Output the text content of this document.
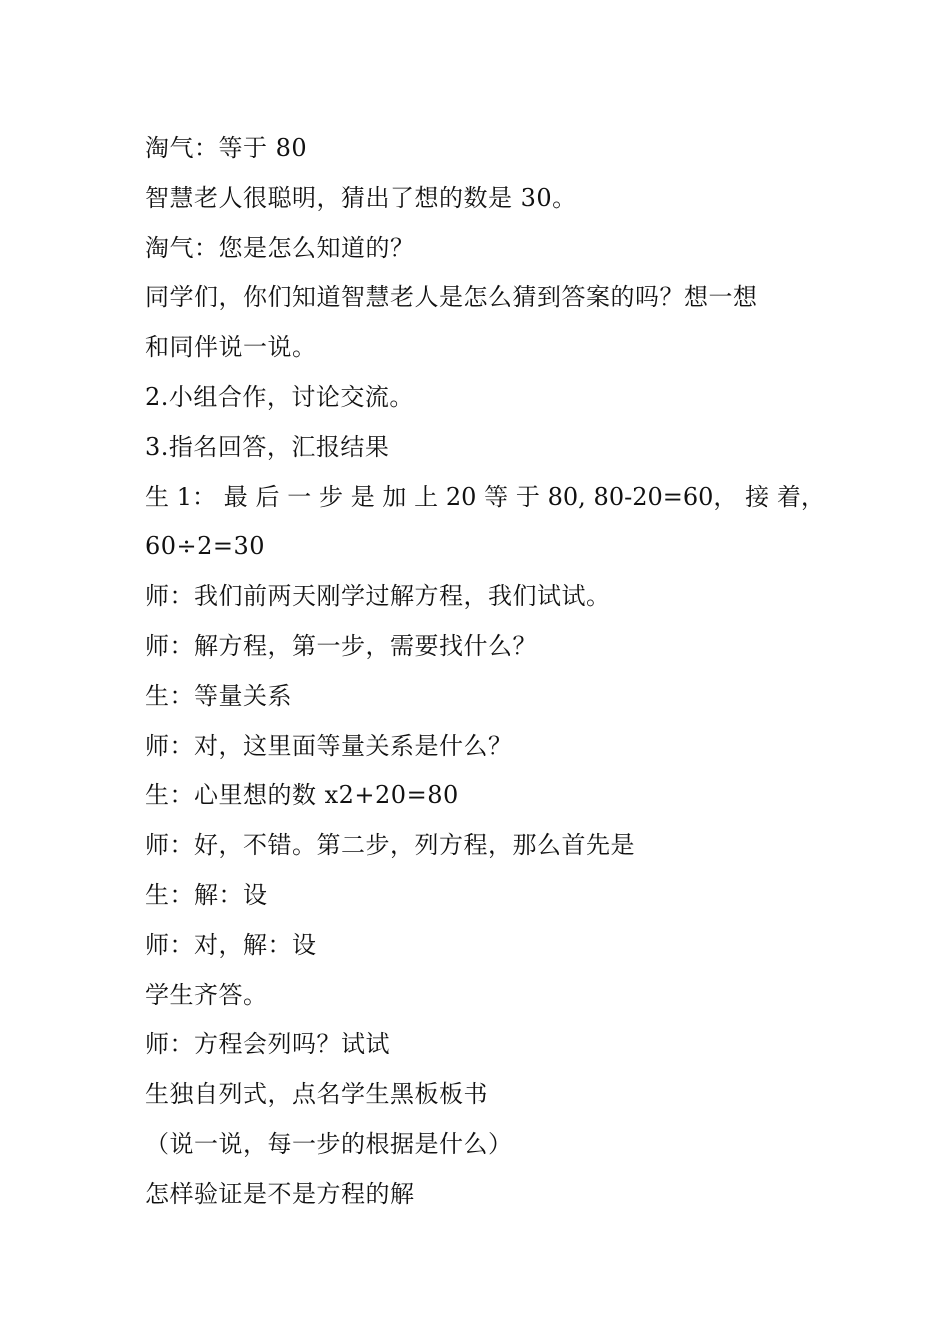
淘气：等于 80
智慧老人很聪明，猜出了想的数是 30。
淘气：您是怎么知道的？
同学们，你们知道智慧老人是怎么猜到答案的吗？想一想
和同伴说一说。
2.小组合作，讨论交流。
3.指名回答，汇报结果
生 1： 最 后 一 步 是 加 上 20 等 于 80, 80-20=60， 接 着，
60÷2=30
师：我们前两天刚学过解方程，我们试试。
师：解方程，第一步，需要找什么？
生：等量关系
师：对，这里面等量关系是什么？
生：心里想的数 x2+20=80
师：好，不错。第二步，列方程，那么首先是
生：解：设
师：对，解：设
学生齐答。
师：方程会列吗？试试
生独自列式，点名学生黑板板书
（说一说，每一步的根据是什么）
怎样验证是不是方程的解
